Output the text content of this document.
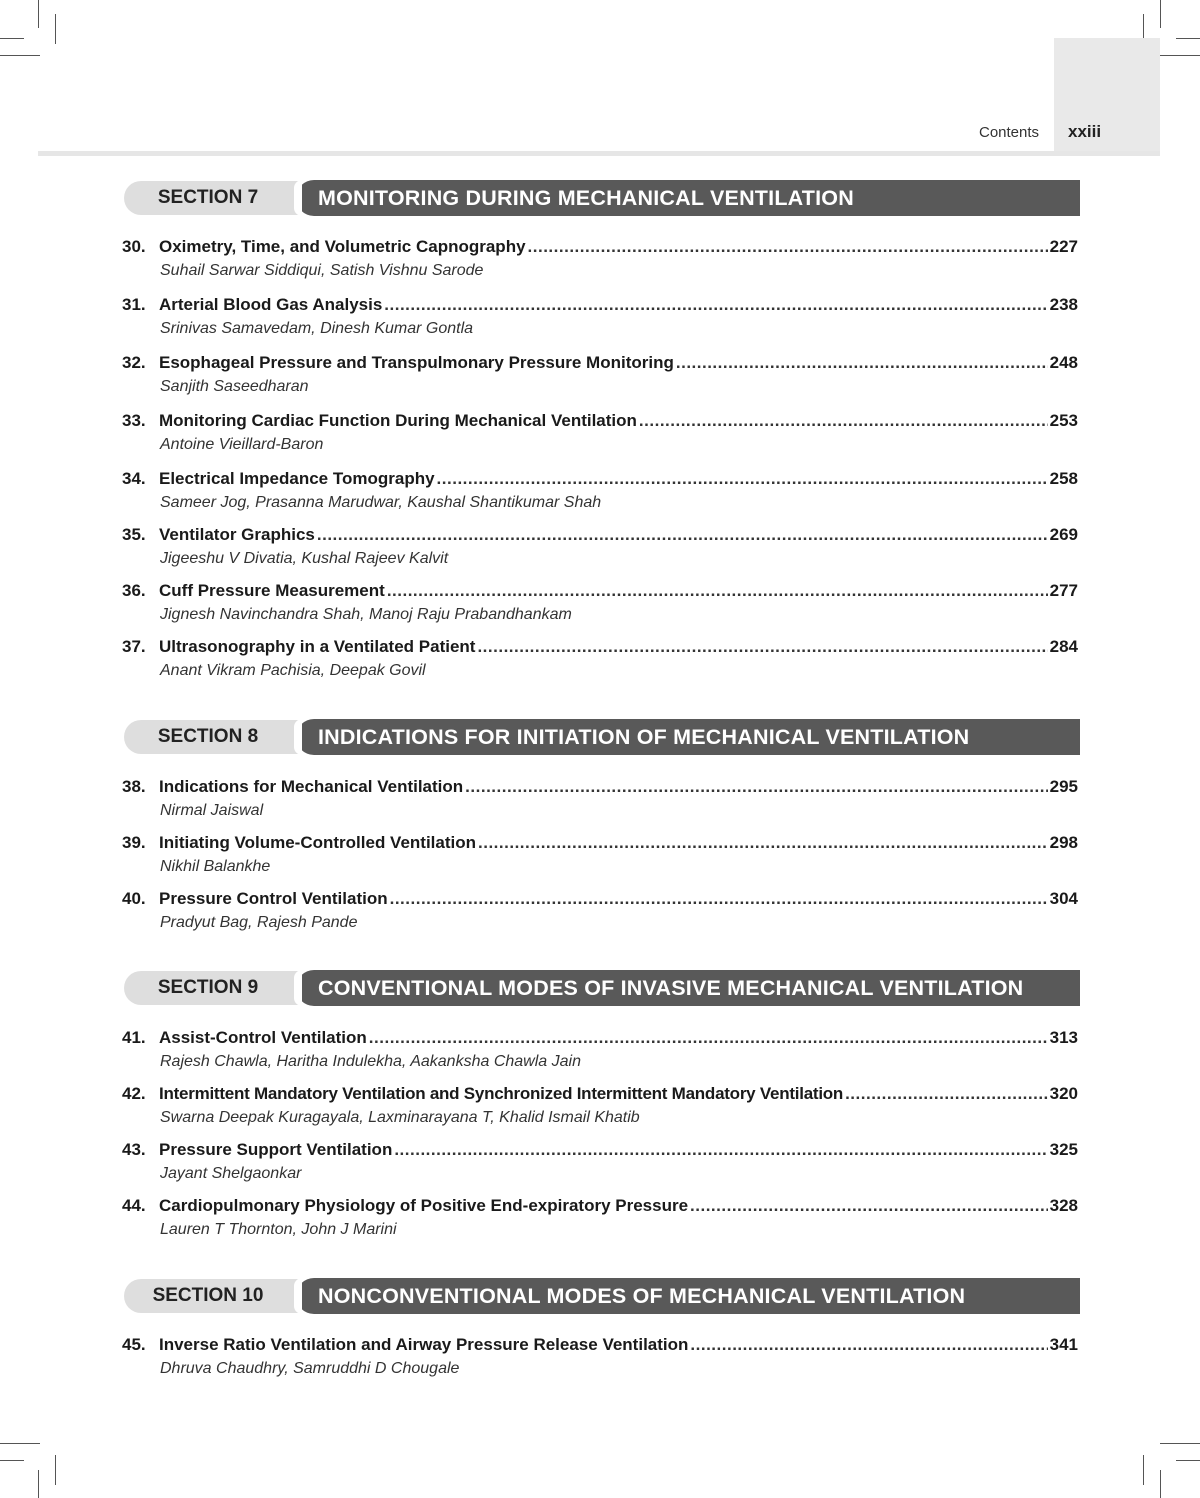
Contents xxiii
SECTION 7	MONITORING DURING MECHANICAL VENTILATION
30. Oximetry, Time, and Volumetric Capnography .....	227
Suhail Sarwar Siddiqui, Satish Vishnu Sarode
31. Arterial Blood Gas Analysis .....	238
Srinivas Samavedam, Dinesh Kumar Gontla
32. Esophageal Pressure and Transpulmonary Pressure Monitoring .....	248
Sanjith Saseedharan
33. Monitoring Cardiac Function During Mechanical Ventilation .....	253
Antoine Vieillard-Baron
34. Electrical Impedance Tomography .....	258
Sameer Jog, Prasanna Marudwar, Kaushal Shantikumar Shah
35. Ventilator Graphics .....	269
Jigeeshu V Divatia, Kushal Rajeev Kalvit
36. Cuff Pressure Measurement .....	277
Jignesh Navinchandra Shah, Manoj Raju Prabandhankam
37. Ultrasonography in a Ventilated Patient .....	284
Anant Vikram Pachisia, Deepak Govil
SECTION 8	INDICATIONS FOR INITIATION OF MECHANICAL VENTILATION
38. Indications for Mechanical Ventilation .....	295
Nirmal Jaiswal
39. Initiating Volume-Controlled Ventilation .....	298
Nikhil Balankhe
40. Pressure Control Ventilation .....	304
Pradyut Bag, Rajesh Pande
SECTION 9	CONVENTIONAL MODES OF INVASIVE MECHANICAL VENTILATION
41. Assist-Control Ventilation .....	313
Rajesh Chawla, Haritha Indulekha, Aakanksha Chawla Jain
42. Intermittent Mandatory Ventilation and Synchronized Intermittent Mandatory Ventilation .....	320
Swarna Deepak Kuragayala, Laxminarayana T, Khalid Ismail Khatib
43. Pressure Support Ventilation .....	325
Jayant Shelgaonkar
44. Cardiopulmonary Physiology of Positive End-expiratory Pressure .....	328
Lauren T Thornton, John J Marini
SECTION 10	NONCONVENTIONAL MODES OF MECHANICAL VENTILATION
45. Inverse Ratio Ventilation and Airway Pressure Release Ventilation .....	341
Dhruva Chaudhry, Samruddhi D Chougale
